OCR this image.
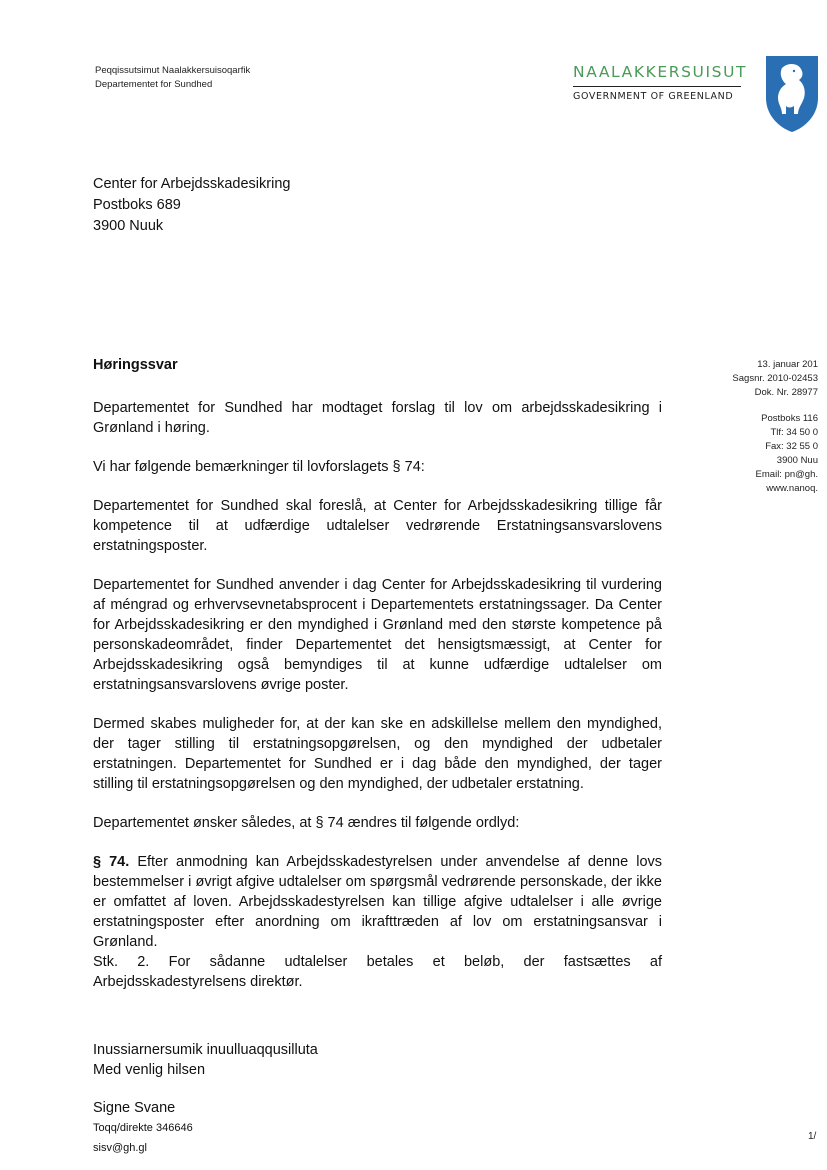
Peqqissutsimut Naalakkersuisoqarfik
Departementet for Sundhed
NAALAKKERSUISUT
GOVERNMENT OF GREENLAND
Center for Arbejdsskadesikring
Postboks 689
3900 Nuuk
Høringssvar	13. januar 201
Sagsnr. 2010-02453
Dok. Nr. 28977
Postboks 116
Tlf: 34 50 0
Fax: 32 55 0
3900 Nuu
Email: pn@gh.
www.nanoq.

Departementet for Sundhed har modtaget forslag til lov om arbejdsskadesikring i Grønland i høring.

Vi har følgende bemærkninger til lovforslagets § 74:

Departementet for Sundhed skal foreslå, at Center for Arbejdsskadesikring tillige får kompetence til at udfærdige udtalelser vedrørende Erstatningsansvarslovens erstatningsposter.

Departementet for Sundhed anvender i dag Center for Arbejdsskadesikring til vurdering af méngrad og erhvervsevnetabsprocent i Departementets erstatningssager. Da Center for Arbejdsskadesikring er den myndighed i Grønland med den største kompetence på personskadeområdet, finder Departementet det hensigtsmæssigt, at Center for Arbejdsskadesikring også bemyndiges til at kunne udfærdige udtalelser om erstatningsansvarslovens øvrige poster.

Dermed skabes muligheder for, at der kan ske en adskillelse mellem den myndighed, der tager stilling til erstatningsopgørelsen, og den myndighed der udbetaler erstatningen. Departementet for Sundhed er i dag både den myndighed, der tager stilling til erstatningsopgørelsen og den myndighed, der udbetaler erstatning.

Departementet ønsker således, at § 74 ændres til følgende ordlyd:

§ 74. Efter anmodning kan Arbejdsskadestyrelsen under anvendelse af denne lovs bestemmelser i øvrigt afgive udtalelser om spørgsmål vedrørende personskade, der ikke er omfattet af loven. Arbejdsskadestyrelsen kan tillige afgive udtalelser i alle øvrige erstatningsposter efter anordning om ikrafttræden af lov om erstatningsansvar i Grønland.

Stk. 2. For sådanne udtalelser betales et beløb, der fastsættes af Arbejdsskadestyrelsens direktør.

Inussiarnersumik inuulluaqqusilluta
Med venlig hilsen
Signe Svane
Toqq/direkte 346646
sisv@gh.gl
1/
